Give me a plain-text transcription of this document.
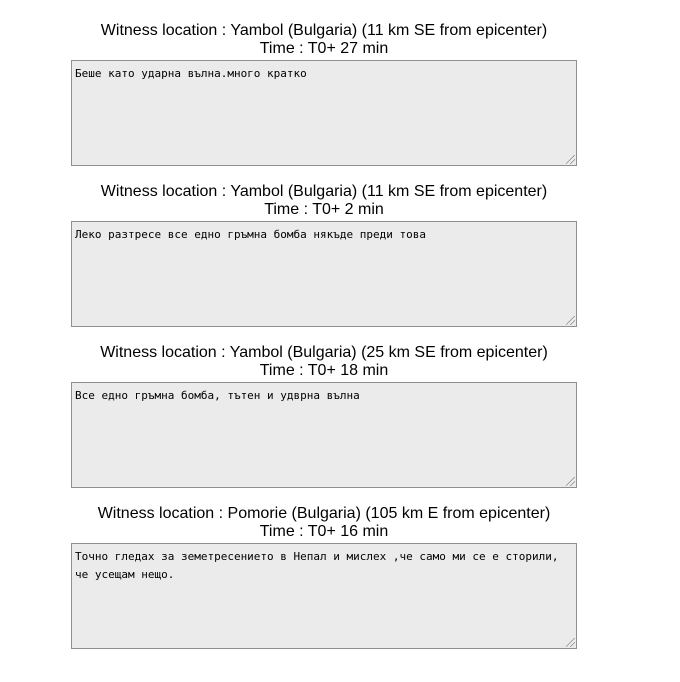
Witness location : Yambol (Bulgaria) (11 km SE from epicenter)
Time : T0+ 27 min
Беше като ударна вълна.много кратко
Witness location : Yambol (Bulgaria) (11 km SE from epicenter)
Time : T0+ 2 min
Леко разтресе все едно гръмна бомба някъде преди това
Witness location : Yambol (Bulgaria) (25 km SE from epicenter)
Time : T0+ 18 min
Все едно гръмна бомба, тътен и удврна вълна
Witness location : Pomorie (Bulgaria) (105 km E from epicenter)
Time : T0+ 16 min
Точно гледах за земетресението в Непал и мислех ,че само ми се е сторили, че усещам нещо.
